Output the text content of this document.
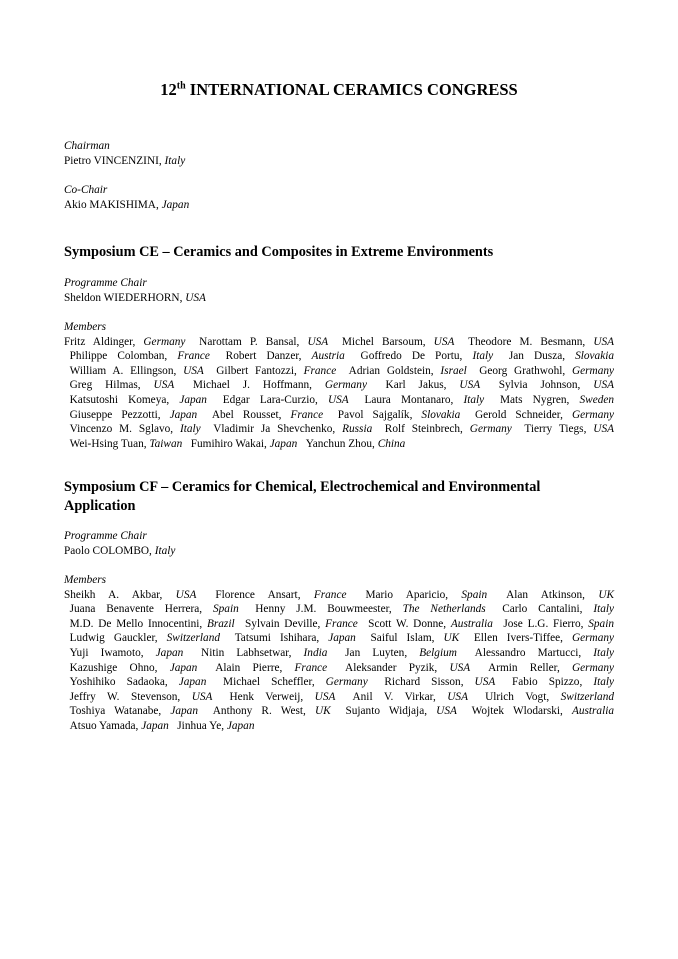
12th INTERNATIONAL CERAMICS CONGRESS
Chairman
Pietro VINCENZINI, Italy
Co-Chair
Akio MAKISHIMA, Japan
Symposium CE – Ceramics and Composites in Extreme Environments
Programme Chair
Sheldon WIEDERHORN, USA
Members
Fritz Aldinger, Germany Narottam P. Bansal, USA Michel Barsoum, USA Theodore M. Besmann, USA Philippe Colomban, France Robert Danzer, Austria Goffredo De Portu, Italy Jan Dusza, Slovakia William A. Ellingson, USA Gilbert Fantozzi, France Adrian Goldstein, Israel Georg Grathwohl, Germany Greg Hilmas, USA Michael J. Hoffmann, Germany Karl Jakus, USA Sylvia Johnson, USA Katsutoshi Komeya, Japan Edgar Lara-Curzio, USA Laura Montanaro, Italy Mats Nygren, Sweden Giuseppe Pezzotti, Japan Abel Rousset, France Pavol Sajgalík, Slovakia Gerold Schneider, Germany Vincenzo M. Sglavo, Italy Vladimir Ja Shevchenko, Russia Rolf Steinbrech, Germany Tierry Tiegs, USA Wei-Hsing Tuan, Taiwan Fumihiro Wakai, Japan Yanchun Zhou, China
Symposium CF – Ceramics for Chemical, Electrochemical and Environmental Application
Programme Chair
Paolo COLOMBO, Italy
Members
Sheikh A. Akbar, USA Florence Ansart, France Mario Aparicio, Spain Alan Atkinson, UK Juana Benavente Herrera, Spain Henny J.M. Bouwmeester, The Netherlands Carlo Cantalini, Italy M.D. De Mello Innocentini, Brazil Sylvain Deville, France Scott W. Donne, Australia Jose L.G. Fierro, Spain Ludwig Gauckler, Switzerland Tatsumi Ishihara, Japan Saiful Islam, UK Ellen Ivers-Tiffee, Germany Yuji Iwamoto, Japan Nitin Labhsetwar, India Jan Luyten, Belgium Alessandro Martucci, Italy Kazushige Ohno, Japan Alain Pierre, France Aleksander Pyzik, USA Armin Reller, Germany Yoshihiko Sadaoka, Japan Michael Scheffler, Germany Richard Sisson, USA Fabio Spizzo, Italy Jeffry W. Stevenson, USA Henk Verweij, USA Anil V. Virkar, USA Ulrich Vogt, Switzerland Toshiya Watanabe, Japan Anthony R. West, UK Sujanto Widjaja, USA Wojtek Wlodarski, Australia Atsuo Yamada, Japan Jinhua Ye, Japan
